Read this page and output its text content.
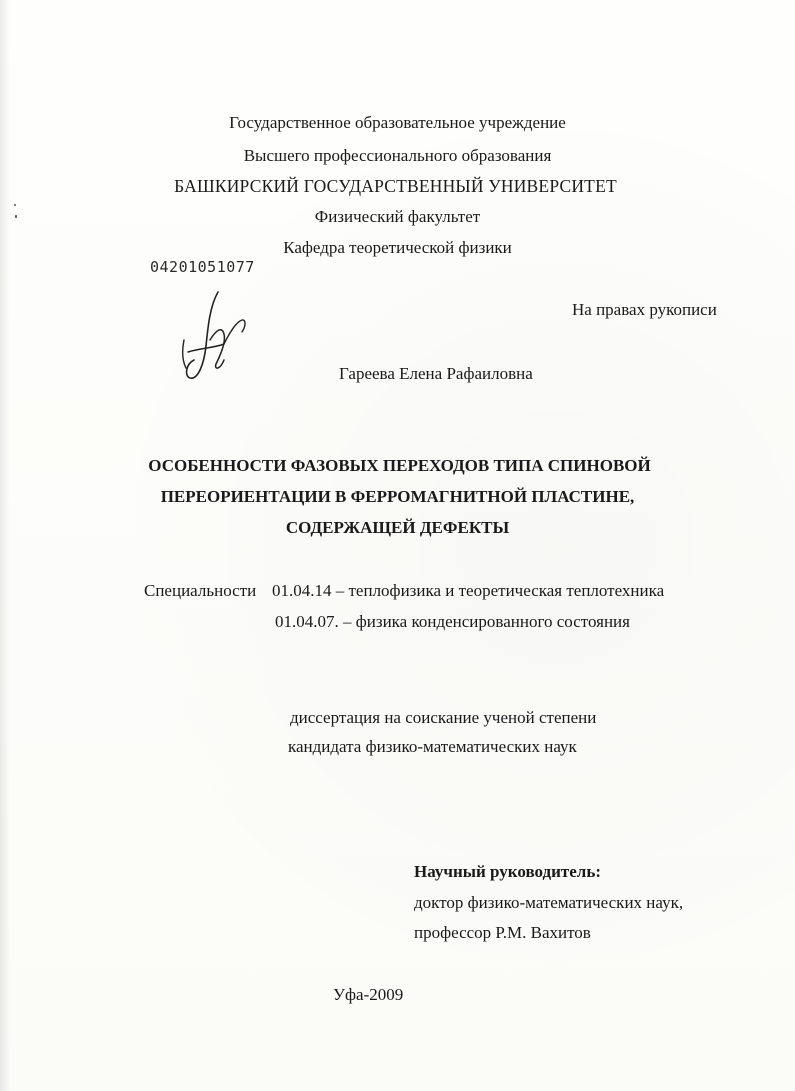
Государственное образовательное учреждение
Высшего профессионального образования
БАШКИРСКИЙ ГОСУДАРСТВЕННЫЙ УНИВЕРСИТЕТ
Физический факультет
Кафедра теоретической физики
04201051077
На правах рукописи
Гареева Елена Рафаиловна
ОСОБЕННОСТИ ФАЗОВЫХ ПЕРЕХОДОВ ТИПА СПИНОВОЙ
ПЕРЕОРИЕНТАЦИИ В ФЕРРОМАГНИТНОЙ ПЛАСТИНЕ,
СОДЕРЖАЩЕЙ ДЕФЕКТЫ
Специальности 01.04.14 – теплофизика и теоретическая теплотехника
01.04.07. – физика конденсированного состояния
диссертация на соискание ученой степени
кандидата физико-математических наук
Научный руководитель:
доктор физико-математических наук,
профессор Р.М. Вахитов
Уфа-2009
